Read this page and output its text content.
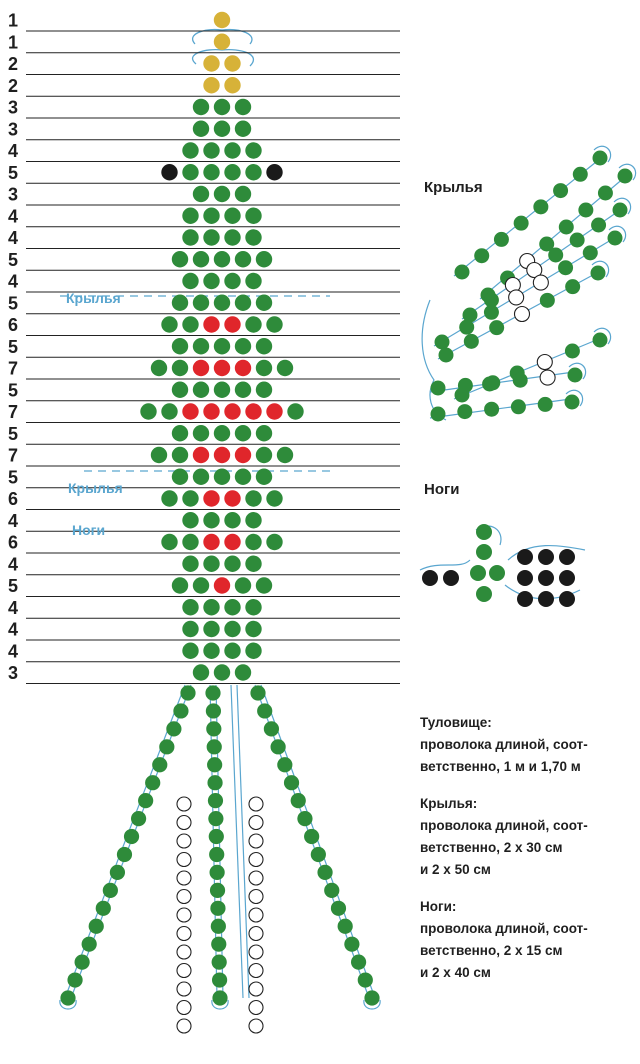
1
1
2
2
3
3
4
5
3
4
4
5
4
5
6
5
7
5
7
5
7
5
6
4
6
4
5
4
4
4
3
Крылья
Крылья
Ноги
Крылья
Ноги
Туловище:
проволока длиной, соот-
ветственно, 1 м и 1,70 м
Крылья:
проволока длиной, соот-
ветственно, 2 х 30 см
и 2 х 50 см
Ноги:
проволока длиной, соот-
ветственно, 2 х 15 см
и 2 х 40 см
